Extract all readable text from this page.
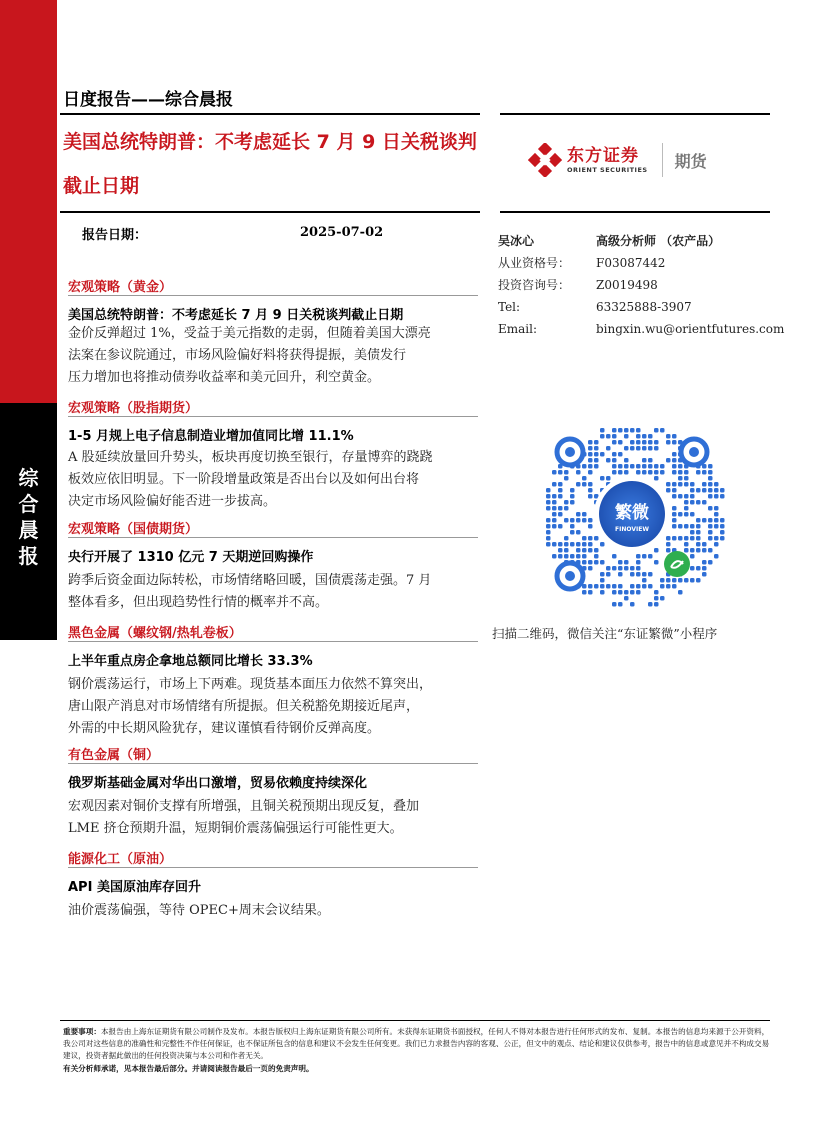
综
合
晨
报
日度报告——综合晨报
美国总统特朗普：不考虑延长 7 月 9 日关税谈判截止日期
东方证券
ORIENT SECURITIES 期货
报告日期：	2025-07-02
吴冰心	高级分析师 （农产品）
从业资格号： F03087442
投资咨询号： Z0019498
Tel:	63325888-3907
Email:	bingxin.wu@orientfutures.com
宏观策略（黄金）
美国总统特朗普：不考虑延长 7 月 9 日关税谈判截止日期
金价反弹超过 1%，受益于美元指数的走弱，但随着美国大漂亮
法案在参议院通过，市场风险偏好料将获得提振，美债发行
压力增加也将推动债券收益率和美元回升，利空黄金。
宏观策略（股指期货）
1-5 月规上电子信息制造业增加值同比增 11.1%
A 股延续放量回升势头，板块再度切换至银行，存量博弈的跷跷
板效应依旧明显。下一阶段增量政策是否出台以及如何出台将
决定市场风险偏好能否进一步拔高。
宏观策略（国债期货）
央行开展了 1310 亿元 7 天期逆回购操作
跨季后资金面边际转松，市场情绪略回暖，国债震荡走强。7 月
整体看多，但出现趋势性行情的概率并不高。
黑色金属（螺纹钢/热轧卷板）
上半年重点房企拿地总额同比增长 33.3%
钢价震荡运行，市场上下两难。现货基本面压力依然不算突出，
唐山限产消息对市场情绪有所提振。但关税豁免期接近尾声，
外需的中长期风险犹存，建议谨慎看待钢价反弹高度。
有色金属（铜）
俄罗斯基础金属对华出口激增，贸易依赖度持续深化
宏观因素对铜价支撑有所增强，且铜关税预期出现反复，叠加
LME 挤仓预期升温，短期铜价震荡偏强运行可能性更大。
能源化工（原油）
API 美国原油库存回升
油价震荡偏强，等待 OPEC+周末会议结果。
繁微
FINOVIEW
扫描二维码，微信关注“东证繁微”小程序
重要事项：本报告由上海东证期货有限公司制作及发布。本报告版权归上海东证期货有限公司所有。未获得东证期货书面授权，任何人不得对本报告进行任何形式的发布、复制。本报告的信息均来源于公开资料，我公司对这些信息的准确性和完整性不作任何保证，也不保证所包含的信息和建议不会发生任何变更。我们已力求报告内容的客观、公正，但文中的观点、结论和建议仅供参考，报告中的信息或意见并不构成交易建议，投资者据此做出的任何投资决策与本公司和作者无关。
有关分析师承诺，见本报告最后部分。并请阅读报告最后一页的免责声明。
